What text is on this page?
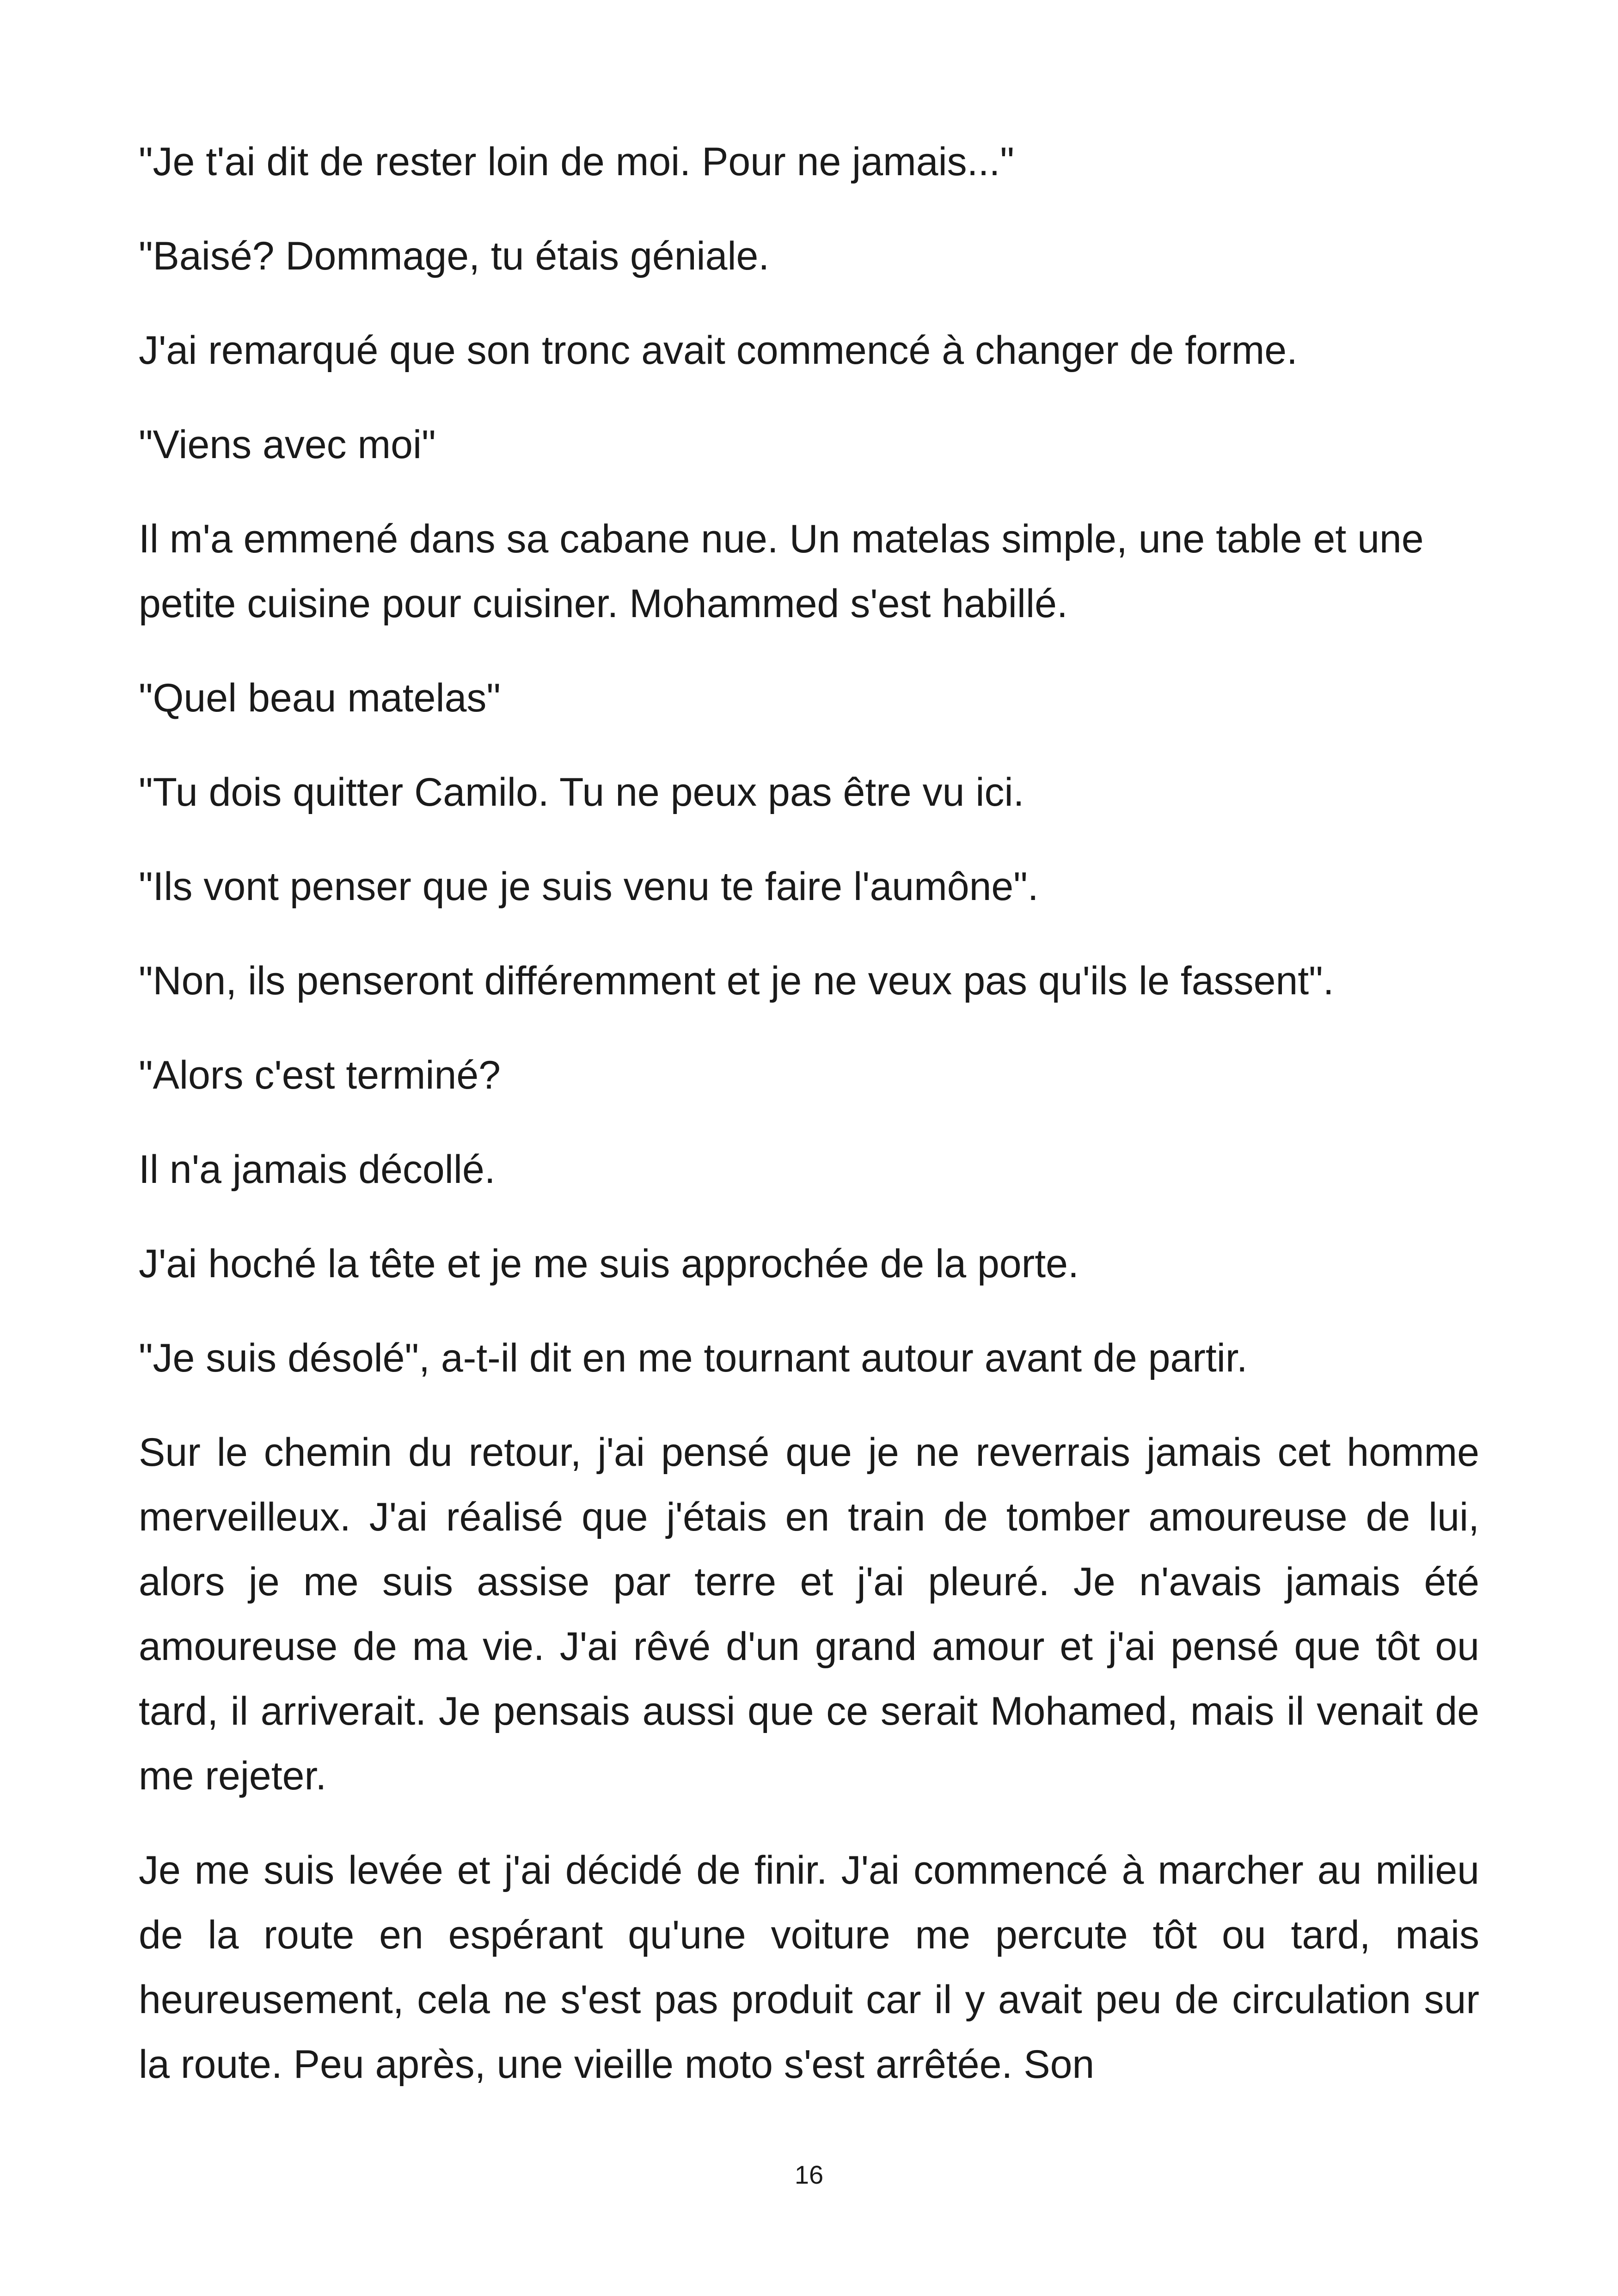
"Je t'ai dit de rester loin de moi. Pour ne jamais..."

"Baisé? Dommage, tu étais géniale.

J'ai remarqué que son tronc avait commencé à changer de forme.

"Viens avec moi"

Il m'a emmené dans sa cabane nue. Un matelas simple, une table et une petite cuisine pour cuisiner. Mohammed s'est habillé.

"Quel beau matelas"

"Tu dois quitter Camilo. Tu ne peux pas être vu ici.

"Ils vont penser que je suis venu te faire l'aumône".

"Non, ils penseront différemment et je ne veux pas qu'ils le fassent".

"Alors c'est terminé?

Il n'a jamais décollé.

J'ai hoché la tête et je me suis approchée de la porte.

"Je suis désolé", a-t-il dit en me tournant autour avant de partir.

Sur le chemin du retour, j'ai pensé que je ne reverrais jamais cet homme merveilleux. J'ai réalisé que j'étais en train de tomber amoureuse de lui, alors je me suis assise par terre et j'ai pleuré. Je n'avais jamais été amoureuse de ma vie. J'ai rêvé d'un grand amour et j'ai pensé que tôt ou tard, il arriverait. Je pensais aussi que ce serait Mohamed, mais il venait de me rejeter.

Je me suis levée et j'ai décidé de finir. J'ai commencé à marcher au milieu de la route en espérant qu'une voiture me percute tôt ou tard, mais heureusement, cela ne s'est pas produit car il y avait peu de circulation sur la route. Peu après, une vieille moto s'est arrêtée. Son

16
